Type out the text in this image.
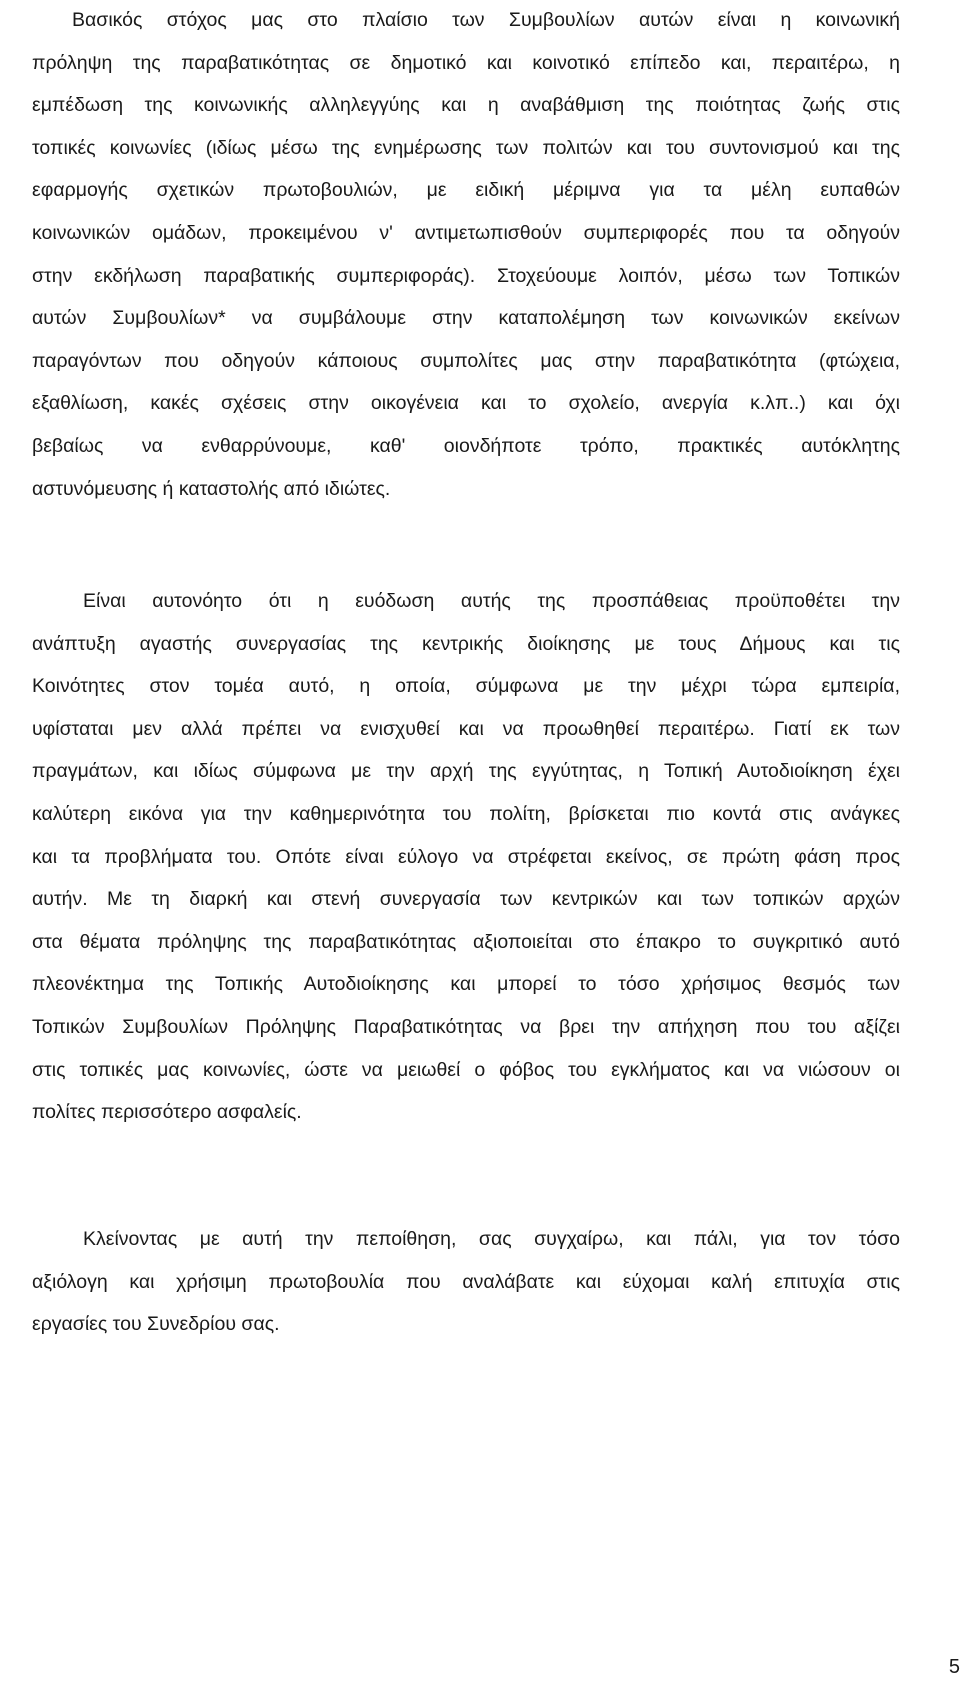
Βασικός στόχος μας στο πλαίσιο των Συμβουλίων αυτών είναι η κοινωνική
πρόληψη της παραβατικότητας σε δημοτικό και κοινοτικό επίπεδο και, περαιτέρω, η
εμπέδωση της κοινωνικής αλληλεγγύης και η αναβάθμιση της ποιότητας ζωής στις
τοπικές κοινωνίες (ιδίως μέσω της ενημέρωσης των πολιτών και του συντονισμού και της
εφαρμογής σχετικών πρωτοβουλιών, με ειδική μέριμνα για τα μέλη ευπαθών
κοινωνικών ομάδων, προκειμένου ν' αντιμετωπισθούν συμπεριφορές που τα οδηγούν
στην εκδήλωση παραβατικής συμπεριφοράς). Στοχεύουμε λοιπόν, μέσω των Τοπικών
αυτών Συμβουλίων* να συμβάλουμε στην καταπολέμηση των κοινωνικών εκείνων
παραγόντων που οδηγούν κάποιους συμπολίτες μας στην παραβατικότητα (φτώχεια,
εξαθλίωση, κακές σχέσεις στην οικογένεια και το σχολείο, ανεργία κ.λπ..) και όχι
βεβαίως να ενθαρρύνουμε, καθ' οιονδήποτε τρόπο, πρακτικές αυτόκλητης
αστυνόμευσης ή καταστολής από ιδιώτες.
Είναι αυτονόητο ότι η ευόδωση αυτής της προσπάθειας προϋποθέτει την
ανάπτυξη αγαστής συνεργασίας της κεντρικής διοίκησης με τους Δήμους και τις
Κοινότητες στον τομέα αυτό, η οποία, σύμφωνα με την μέχρι τώρα εμπειρία,
υφίσταται μεν αλλά πρέπει να ενισχυθεί και να προωθηθεί περαιτέρω. Γιατί εκ των
πραγμάτων, και ιδίως σύμφωνα με την αρχή της εγγύτητας, η Τοπική Αυτοδιοίκηση έχει
καλύτερη εικόνα για την καθημερινότητα του πολίτη, βρίσκεται πιο κοντά στις ανάγκες
και τα προβλήματα του. Οπότε είναι εύλογο να στρέφεται εκείνος, σε πρώτη φάση προς
αυτήν. Με τη διαρκή και στενή συνεργασία των κεντρικών και των τοπικών αρχών
στα θέματα πρόληψης της παραβατικότητας αξιοποιείται στο έπακρο το συγκριτικό αυτό
πλεονέκτημα της Τοπικής Αυτοδιοίκησης και μπορεί το τόσο χρήσιμος θεσμός των
Τοπικών Συμβουλίων Πρόληψης Παραβατικότητας να βρει την απήχηση που του αξίζει
στις τοπικές μας κοινωνίες, ώστε να μειωθεί ο φόβος του εγκλήματος και να νιώσουν οι
πολίτες περισσότερο ασφαλείς.
Κλείνοντας με αυτή την πεποίθηση, σας συγχαίρω, και πάλι, για τον τόσο
αξιόλογη και χρήσιμη πρωτοβουλία που αναλάβατε και εύχομαι καλή επιτυχία στις
εργασίες του Συνεδρίου σας.
5
